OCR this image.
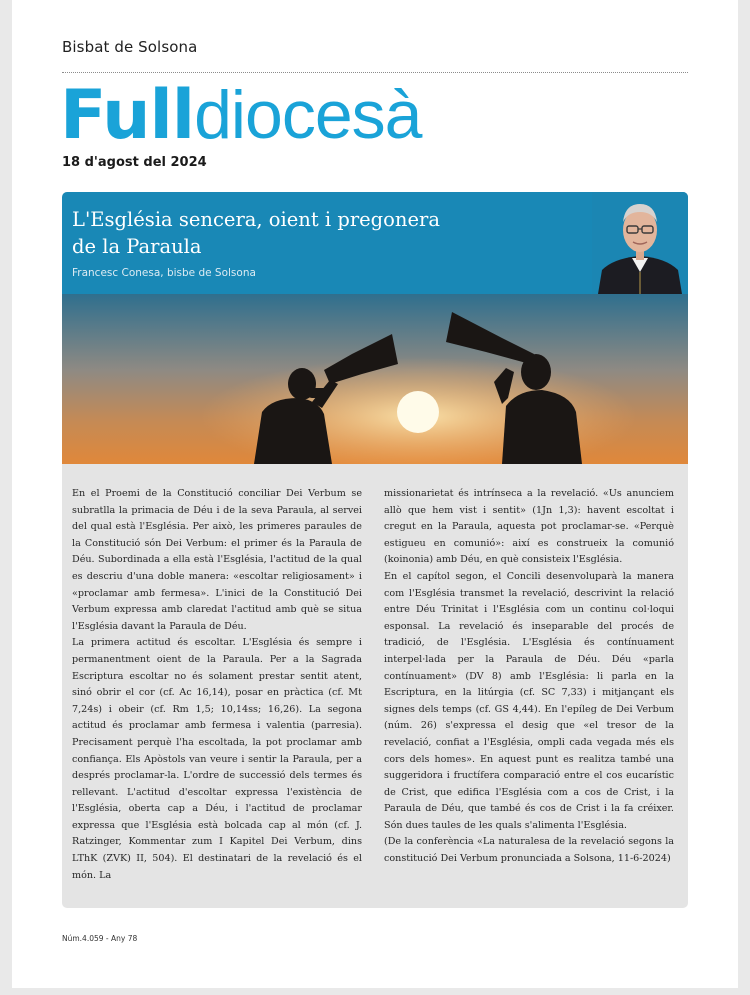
Bisbat de Solsona
Fulldiocesà
18 d'agost del 2024
L'Església sencera, oient i pregonera
de la Paraula
Francesc Conesa, bisbe de Solsona

En el Proemi de la Constitució conciliar Dei Verbum se subratlla la primacia de Déu i de la seva Paraula, al servei del qual està l'Església. Per això, les primeres paraules de la Constitució són Dei Verbum: el primer és la Paraula de Déu. Subordinada a ella està l'Església, l'actitud de la qual es descriu d'una doble manera: «escoltar religiosament» i «proclamar amb fermesa». L'inici de la Constitució Dei Verbum expressa amb claredat l'actitud amb què se situa l'Església davant la Paraula de Déu.

La primera actitud és escoltar. L'Església és sempre i permanentment oient de la Paraula. Per a la Sagrada Escriptura escoltar no és solament prestar sentit atent, sinó obrir el cor (cf. Ac 16,14), posar en pràctica (cf. Mt 7,24s) i obeir (cf. Rm 1,5; 10,14ss; 16,26). La segona actitud és proclamar amb fermesa i valentia (parresia). Precisament perquè l'ha escoltada, la pot proclamar amb confiança. Els Apòstols van veure i sentir la Paraula, per a després proclamar-la. L'ordre de successió dels termes és rellevant. L'actitud d'escoltar expressa l'existència de l'Església, oberta cap a Déu, i l'actitud de proclamar expressa que l'Església està bolcada cap al món (cf. J. Ratzinger, Kommentar zum I Kapitel Dei Verbum, dins LThK (ZVK) II, 504). El destinatari de la revelació és el món. La

missionarietat és intrínseca a la revelació. «Us anunciem allò que hem vist i sentit» (1Jn 1,3): havent escoltat i cregut en la Paraula, aquesta pot proclamar-se. «Perquè estigueu en comunió»: així es construeix la comunió (koinonia) amb Déu, en què consisteix l'Església.

En el capítol segon, el Concili desenvoluparà la manera com l'Església transmet la revelació, descrivint la relació entre Déu Trinitat i l'Església com un continu col·loqui esponsal. La revelació és inseparable del procés de tradició, de l'Església. L'Església és contínuament interpel·lada per la Paraula de Déu. Déu «parla contínuament» (DV 8) amb l'Església: li parla en la Escriptura, en la litúrgia (cf. SC 7,33) i mitjançant els signes dels temps (cf. GS 4,44). En l'epíleg de Dei Verbum (núm. 26) s'expressa el desig que «el tresor de la revelació, confiat a l'Església, ompli cada vegada més els cors dels homes». En aquest punt es realitza també una suggeridora i fructífera comparació entre el cos eucarístic de Crist, que edifica l'Església com a cos de Crist, i la Paraula de Déu, que també és cos de Crist i la fa créixer. Són dues taules de les quals s'alimenta l'Església.

(De la conferència «La naturalesa de la revelació segons la constitució Dei Verbum pronunciada a Solsona, 11-6-2024)

Núm.4.059 - Any 78
